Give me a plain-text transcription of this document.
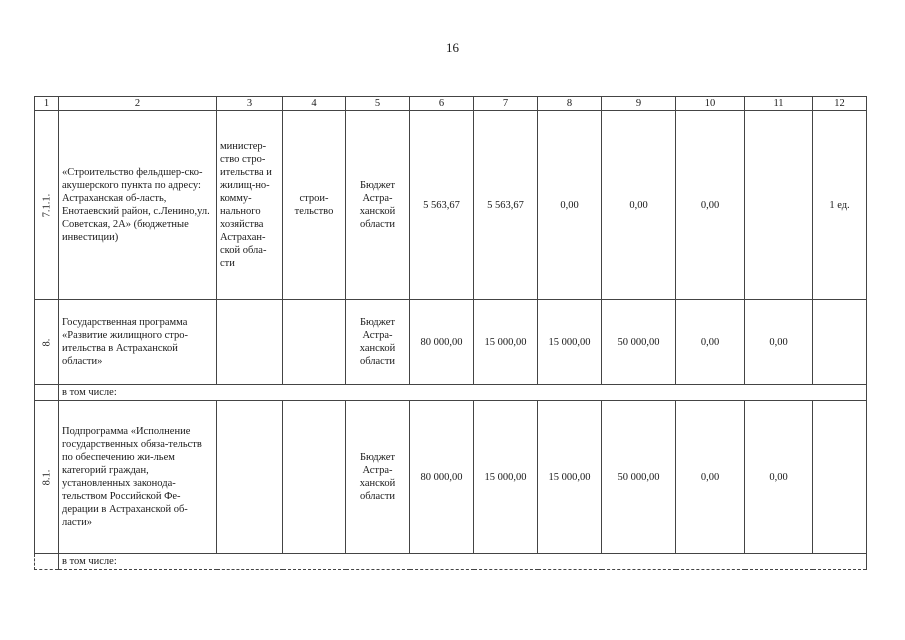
16
1	2	3	4	5	6	7	8	9	10	11	12
7.1.1.	«Строительство фельдшер-ско-акушерского пункта по адресу: Астраханская об-ласть, Енотаевский район, с.Ленино,ул. Советская, 2А» (бюджетные инвестиции)	министер-ство стро-ительства и жилищ-но-комму-нального хозяйства Астрахан-ской обла-сти	строи-тельство	Бюджет Астра-ханской области	5 563,67	5 563,67	0,00	0,00	0,00		1 ед.
8.	Государственная программа «Развитие жилищного стро-ительства в Астраханской области»			Бюджет Астра-ханской области	80 000,00	15 000,00	15 000,00	50 000,00	0,00	0,00	
	в том числе:										
8.1.	Подпрограмма «Исполнение государственных обяза-тельств по обеспечению жи-льем категорий граждан, установленных законода-тельством Российской Фе-дерации в Астраханской об-ласти»			Бюджет Астра-ханской области	80 000,00	15 000,00	15 000,00	50 000,00	0,00	0,00	
	в том числе:										
